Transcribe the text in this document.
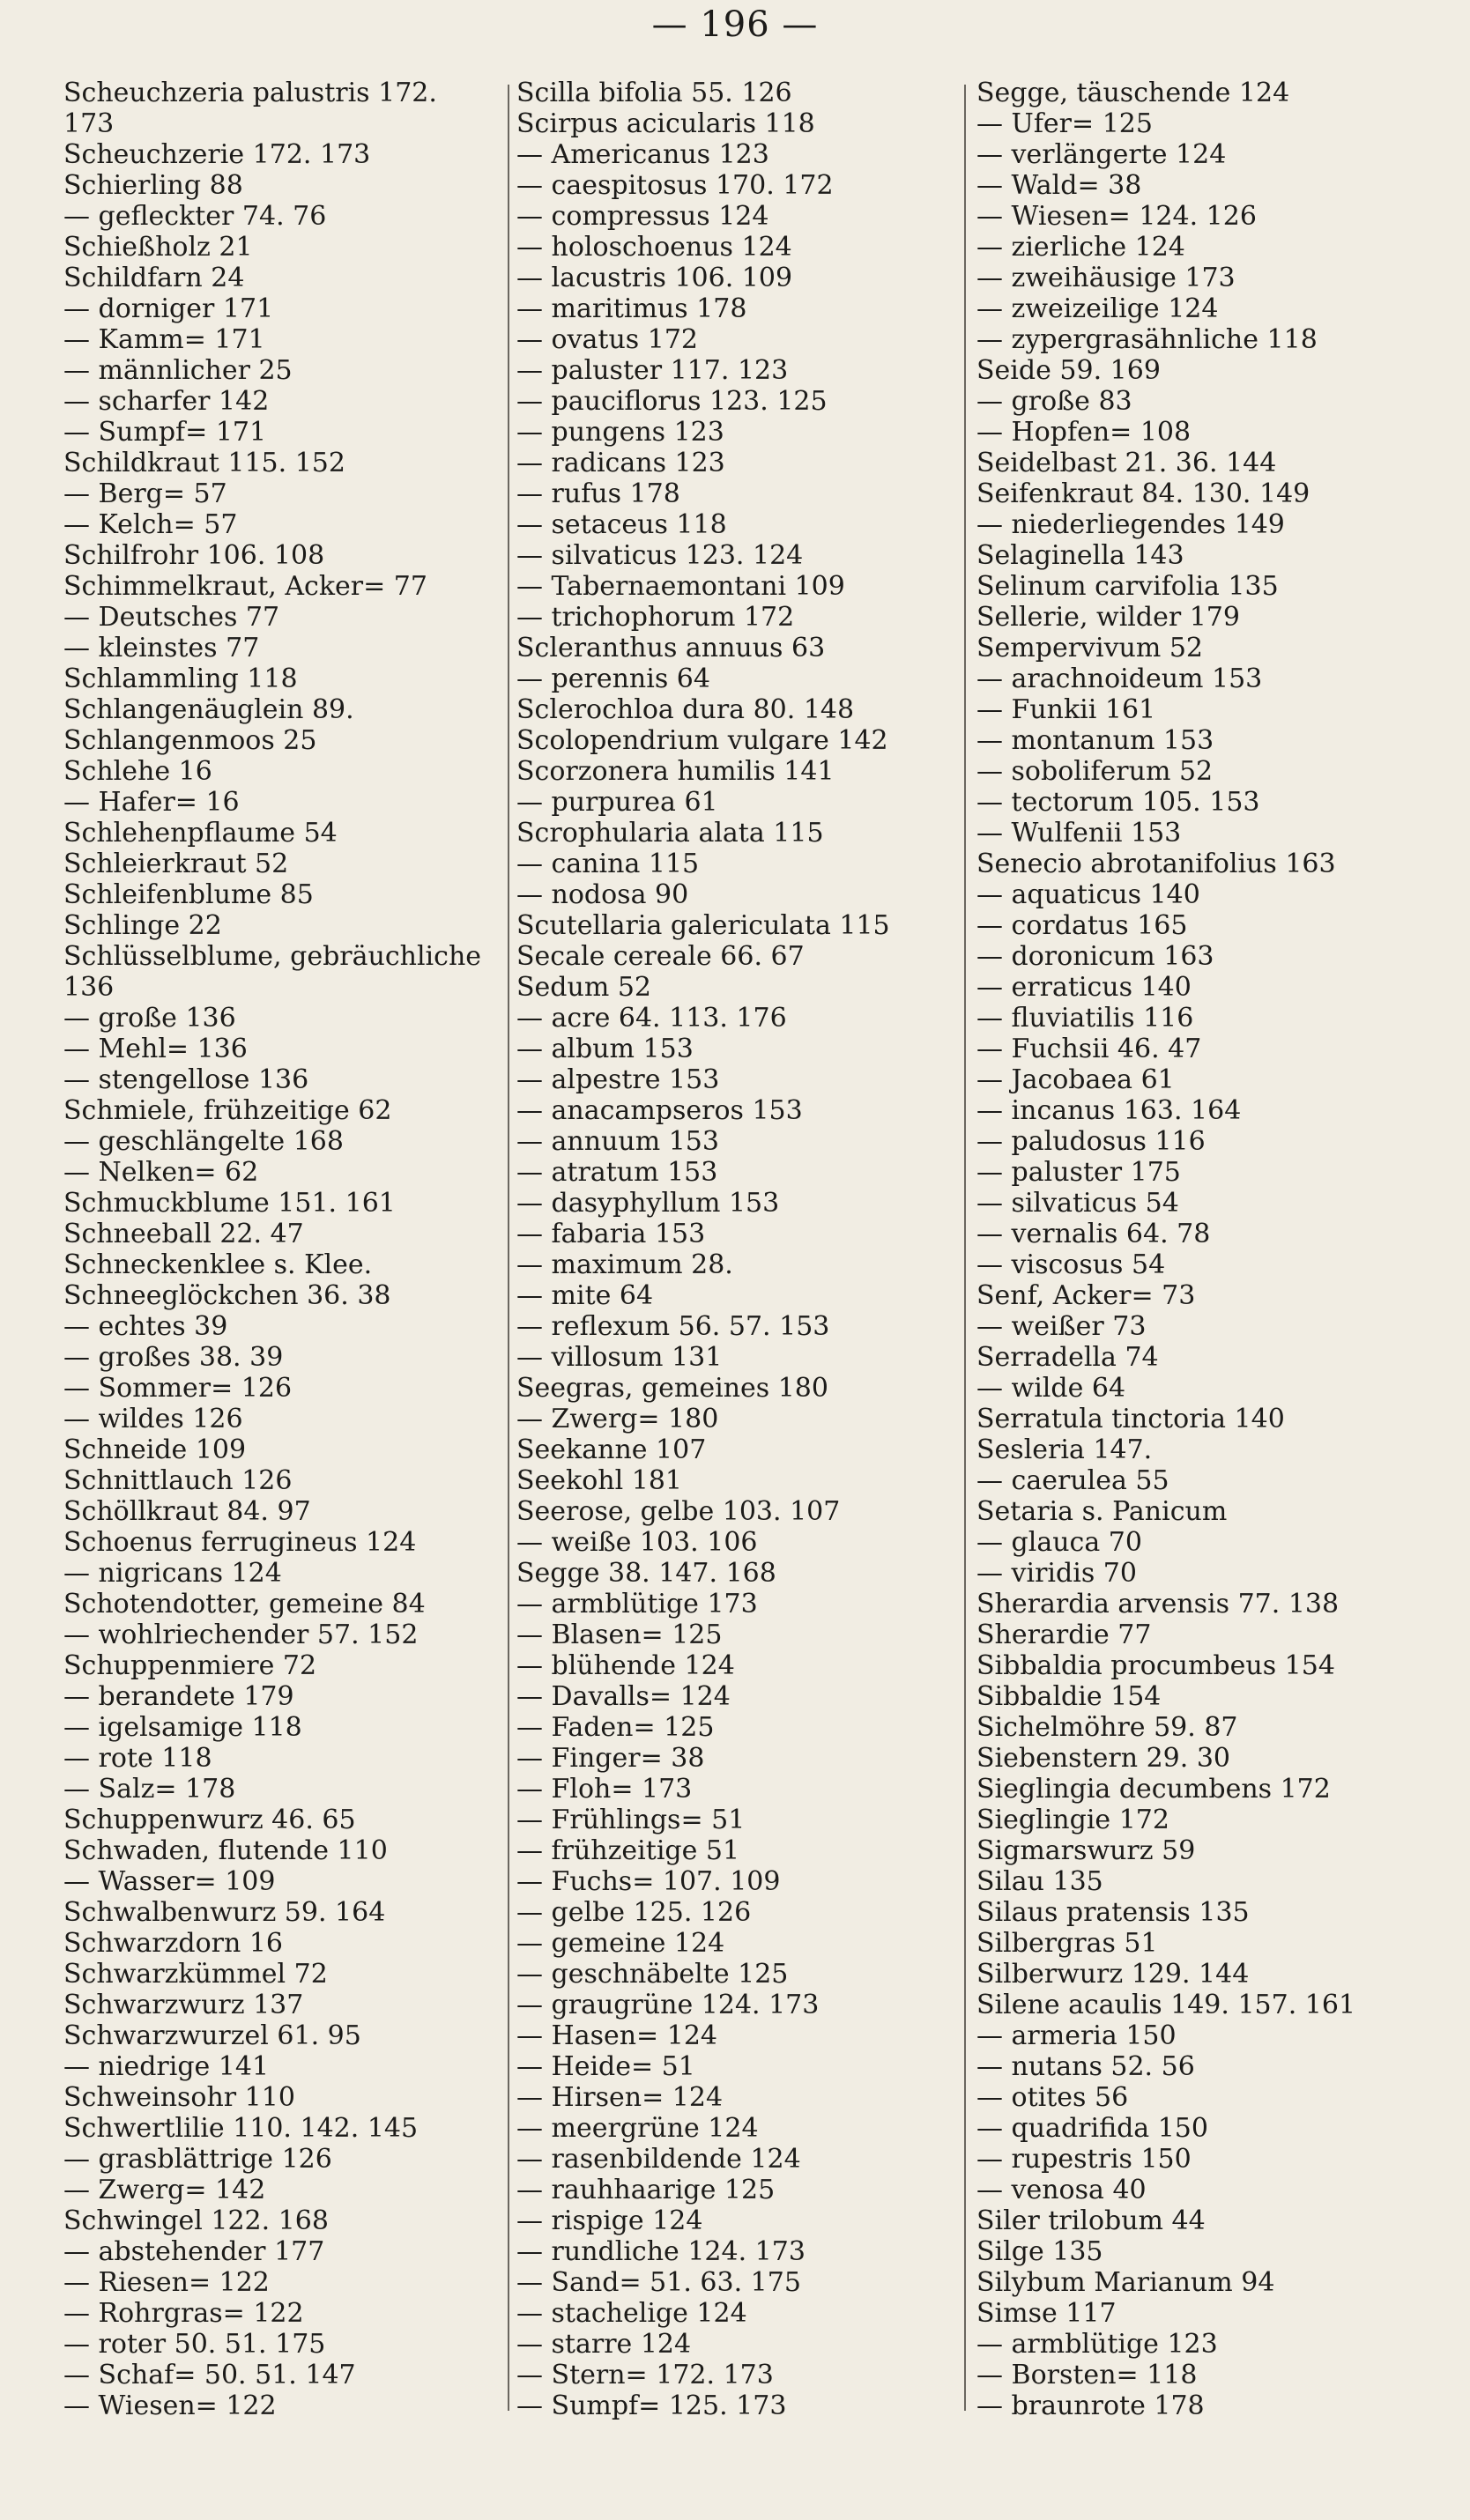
— 196 —
Scheuchzeria palustris 172.
173
Scheuchzerie 172. 173
Schierling 88
— gefleckter 74. 76
Schießholz 21
Schildfarn 24
— dorniger 171
— Kamm= 171
— männlicher 25
— scharfer 142
— Sumpf= 171
Schildkraut 115. 152
— Berg= 57
— Kelch= 57
Schilfrohr 106. 108
Schimmelkraut, Acker= 77
— Deutsches 77
— kleinstes 77
Schlammling 118
Schlangenäuglein 89.
Schlangenmoos 25
Schlehe 16
— Hafer= 16
Schlehenpflaume 54
Schleierkraut 52
Schleifenblume 85
Schlinge 22
Schlüsselblume, gebräuchliche
136
— große 136
— Mehl= 136
— stengellose 136
Schmiele, frühzeitige 62
— geschlängelte 168
— Nelken= 62
Schmuckblume 151. 161
Schneeball 22. 47
Schneckenklee s. Klee.
Schneeglöckchen 36. 38
— echtes 39
— großes 38. 39
— Sommer= 126
— wildes 126
Schneide 109
Schnittlauch 126
Schöllkraut 84. 97
Schoenus ferrugineus 124
— nigricans 124
Schotendotter, gemeine 84
— wohlriechender 57. 152
Schuppenmiere 72
— berandete 179
— igelsamige 118
— rote 118
— Salz= 178
Schuppenwurz 46. 65
Schwaden, flutende 110
— Wasser= 109
Schwalbenwurz 59. 164
Schwarzdorn 16
Schwarzkümmel 72
Schwarzwurz 137
Schwarzwurzel 61. 95
— niedrige 141
Schweinsohr 110
Schwertlilie 110. 142. 145
— grasblättrige 126
— Zwerg= 142
Schwingel 122. 168
— abstehender 177
— Riesen= 122
— Rohrgras= 122
— roter 50. 51. 175
— Schaf= 50. 51. 147
— Wiesen= 122
Scilla bifolia 55. 126
Scirpus acicularis 118
— Americanus 123
— caespitosus 170. 172
— compressus 124
— holoschoenus 124
— lacustris 106. 109
— maritimus 178
— ovatus 172
— paluster 117. 123
— pauciflorus 123. 125
— pungens 123
— radicans 123
— rufus 178
— setaceus 118
— silvaticus 123. 124
— Tabernaemontani 109
— trichophorum 172
Scleranthus annuus 63
— perennis 64
Sclerochloa dura 80. 148
Scolopendrium vulgare 142
Scorzonera humilis 141
— purpurea 61
Scrophularia alata 115
— canina 115
— nodosa 90
Scutellaria galericulata 115
Secale cereale 66. 67
Sedum 52
— acre 64. 113. 176
— album 153
— alpestre 153
— anacampseros 153
— annuum 153
— atratum 153
— dasyphyllum 153
— fabaria 153
— maximum 28.
— mite 64
— reflexum 56. 57. 153
— villosum 131
Seegras, gemeines 180
— Zwerg= 180
Seekanne 107
Seekohl 181
Seerose, gelbe 103. 107
— weiße 103. 106
Segge 38. 147. 168
— armblütige 173
— Blasen= 125
— blühende 124
— Davalls= 124
— Faden= 125
— Finger= 38
— Floh= 173
— Frühlings= 51
— frühzeitige 51
— Fuchs= 107. 109
— gelbe 125. 126
— gemeine 124
— geschnäbelte 125
— graugrüne 124. 173
— Hasen= 124
— Heide= 51
— Hirsen= 124
— meergrüne 124
— rasenbildende 124
— rauhhaarige 125
— rispige 124
— rundliche 124. 173
— Sand= 51. 63. 175
— stachelige 124
— starre 124
— Stern= 172. 173
— Sumpf= 125. 173
Segge, täuschende 124
— Ufer= 125
— verlängerte 124
— Wald= 38
— Wiesen= 124. 126
— zierliche 124
— zweihäusige 173
— zweizeilige 124
— zypergrasähnliche 118
Seide 59. 169
— große 83
— Hopfen= 108
Seidelbast 21. 36. 144
Seifenkraut 84. 130. 149
— niederliegendes 149
Selaginella 143
Selinum carvifolia 135
Sellerie, wilder 179
Sempervivum 52
— arachnoideum 153
— Funkii 161
— montanum 153
— soboliferum 52
— tectorum 105. 153
— Wulfenii 153
Senecio abrotanifolius 163
— aquaticus 140
— cordatus 165
— doronicum 163
— erraticus 140
— fluviatilis 116
— Fuchsii 46. 47
— Jacobaea 61
— incanus 163. 164
— paludosus 116
— paluster 175
— silvaticus 54
— vernalis 64. 78
— viscosus 54
Senf, Acker= 73
— weißer 73
Serradella 74
— wilde 64
Serratula tinctoria 140
Sesleria 147.
— caerulea 55
Setaria s. Panicum
— glauca 70
— viridis 70
Sherardia arvensis 77. 138
Sherardie 77
Sibbaldia procumbeus 154
Sibbaldie 154
Sichelmöhre 59. 87
Siebenstern 29. 30
Sieglingia decumbens 172
Sieglingie 172
Sigmarswurz 59
Silau 135
Silaus pratensis 135
Silbergras 51
Silberwurz 129. 144
Silene acaulis 149. 157. 161
— armeria 150
— nutans 52. 56
— otites 56
— quadrifida 150
— rupestris 150
— venosa 40
Siler trilobum 44
Silge 135
Silybum Marianum 94
Simse 117
— armblütige 123
— Borsten= 118
— braunrote 178
